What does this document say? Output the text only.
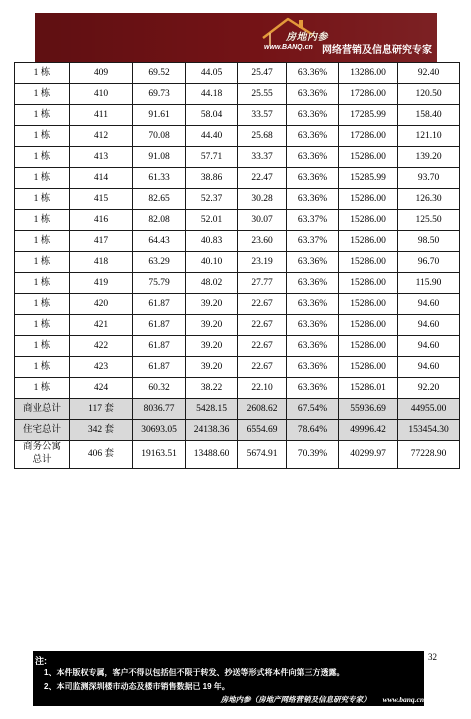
房地内参
www.BANQ.cn 网络营销及信息研究专家
1 栋	409	69.52	44.05	25.47	63.36%	13286.00	92.40
1 栋	410	69.73	44.18	25.55	63.36%	17286.00	120.50
1 栋	411	91.61	58.04	33.57	63.36%	17285.99	158.40
1 栋	412	70.08	44.40	25.68	63.36%	17286.00	121.10
1 栋	413	91.08	57.71	33.37	63.36%	15286.00	139.20
1 栋	414	61.33	38.86	22.47	63.36%	15285.99	93.70
1 栋	415	82.65	52.37	30.28	63.36%	15286.00	126.30
1 栋	416	82.08	52.01	30.07	63.37%	15286.00	125.50
1 栋	417	64.43	40.83	23.60	63.37%	15286.00	98.50
1 栋	418	63.29	40.10	23.19	63.36%	15286.00	96.70
1 栋	419	75.79	48.02	27.77	63.36%	15286.00	115.90
1 栋	420	61.87	39.20	22.67	63.36%	15286.00	94.60
1 栋	421	61.87	39.20	22.67	63.36%	15286.00	94.60
1 栋	422	61.87	39.20	22.67	63.36%	15286.00	94.60
1 栋	423	61.87	39.20	22.67	63.36%	15286.00	94.60
1 栋	424	60.32	38.22	22.10	63.36%	15286.01	92.20
商业总计	117 套	8036.77	5428.15	2608.62	67.54%	55936.69	44955.00
住宅总计	342 套	30693.05	24138.36	6554.69	78.64%	49996.42	153454.30
商务公寓总计	406 套	19163.51	13488.60	5674.91	70.39%	40299.97	77228.90
32
注:
1、本件版权专属，客户不得以包括但不限于转发、抄送等形式将本件向第三方透露。
2、本司监测深圳楼市动态及楼市销售数据已 19 年。
房地内参（房地产网络营销及信息研究专家） www.banq.cn
